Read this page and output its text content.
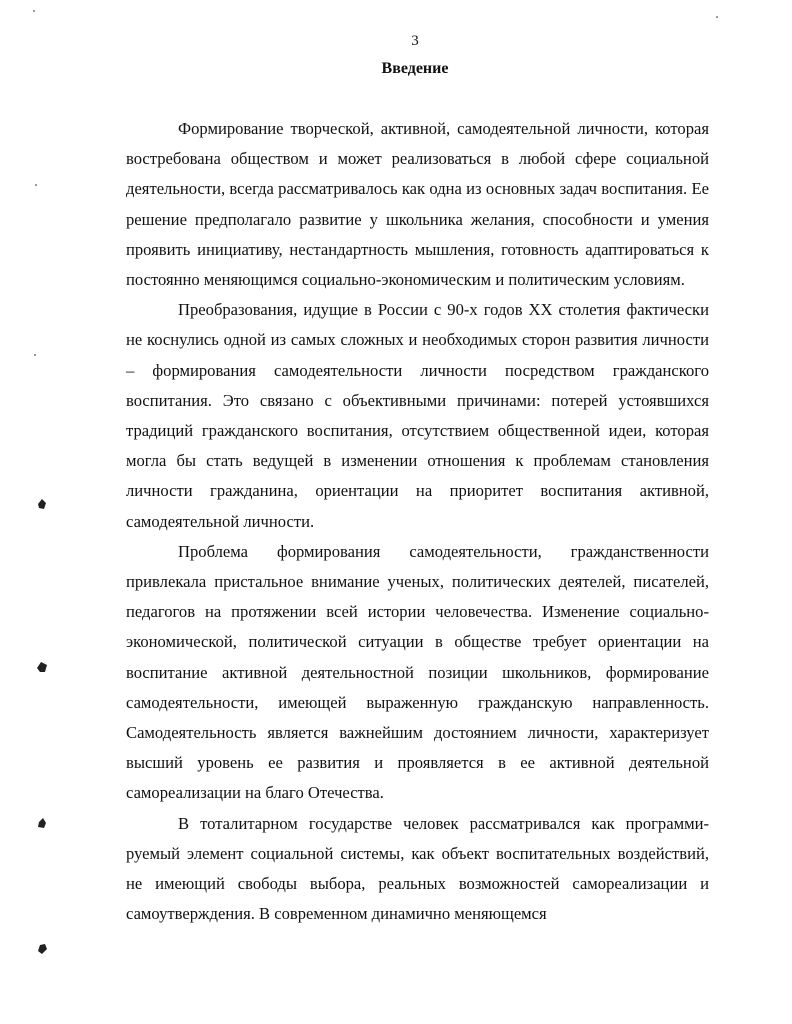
3
Введение

Формирование творческой, активной, самодеятельной личности, которая востребована обществом и может реализоваться в любой сфере социальной деятельности, всегда рассматривалось как одна из основных задач воспитания. Ее решение предполагало развитие у школьника желания, способности и умения проявить инициативу, нестандартность мышления, готовность адаптироваться к постоянно меняющимся социально-экономическим и политическим условиям.

Преобразования, идущие в России с 90-х годов XX столетия фактически не коснулись одной из самых сложных и необходимых сторон развития личности – формирования самодеятельности личности посредством гражданского воспитания. Это связано с объективными причинами: потерей устоявшихся традиций гражданского воспитания, отсутствием общественной идеи, которая могла бы стать ведущей в изменении отношения к проблемам становления личности гражданина, ориентации на приоритет воспитания активной, самодеятельной личности.

Проблема формирования самодеятельности, гражданственности привлекала пристальное внимание ученых, политических деятелей, писателей, педагогов на протяжении всей истории человечества. Изменение социально-экономической, политической ситуации в обществе требует ориентации на воспитание активной деятельностной позиции школьников, формирование самодеятельности, имеющей выраженную гражданскую направленность. Самодеятельность является важнейшим достоянием личности, характеризует высший уровень ее развития и проявляется в ее активной деятельной самореализации на благо Отечества.

В тоталитарном государстве человек рассматривался как программируемый элемент социальной системы, как объект воспитательных воздействий, не имеющий свободы выбора, реальных возможностей самореализации и самоутверждения. В современном динамично меняющемся
